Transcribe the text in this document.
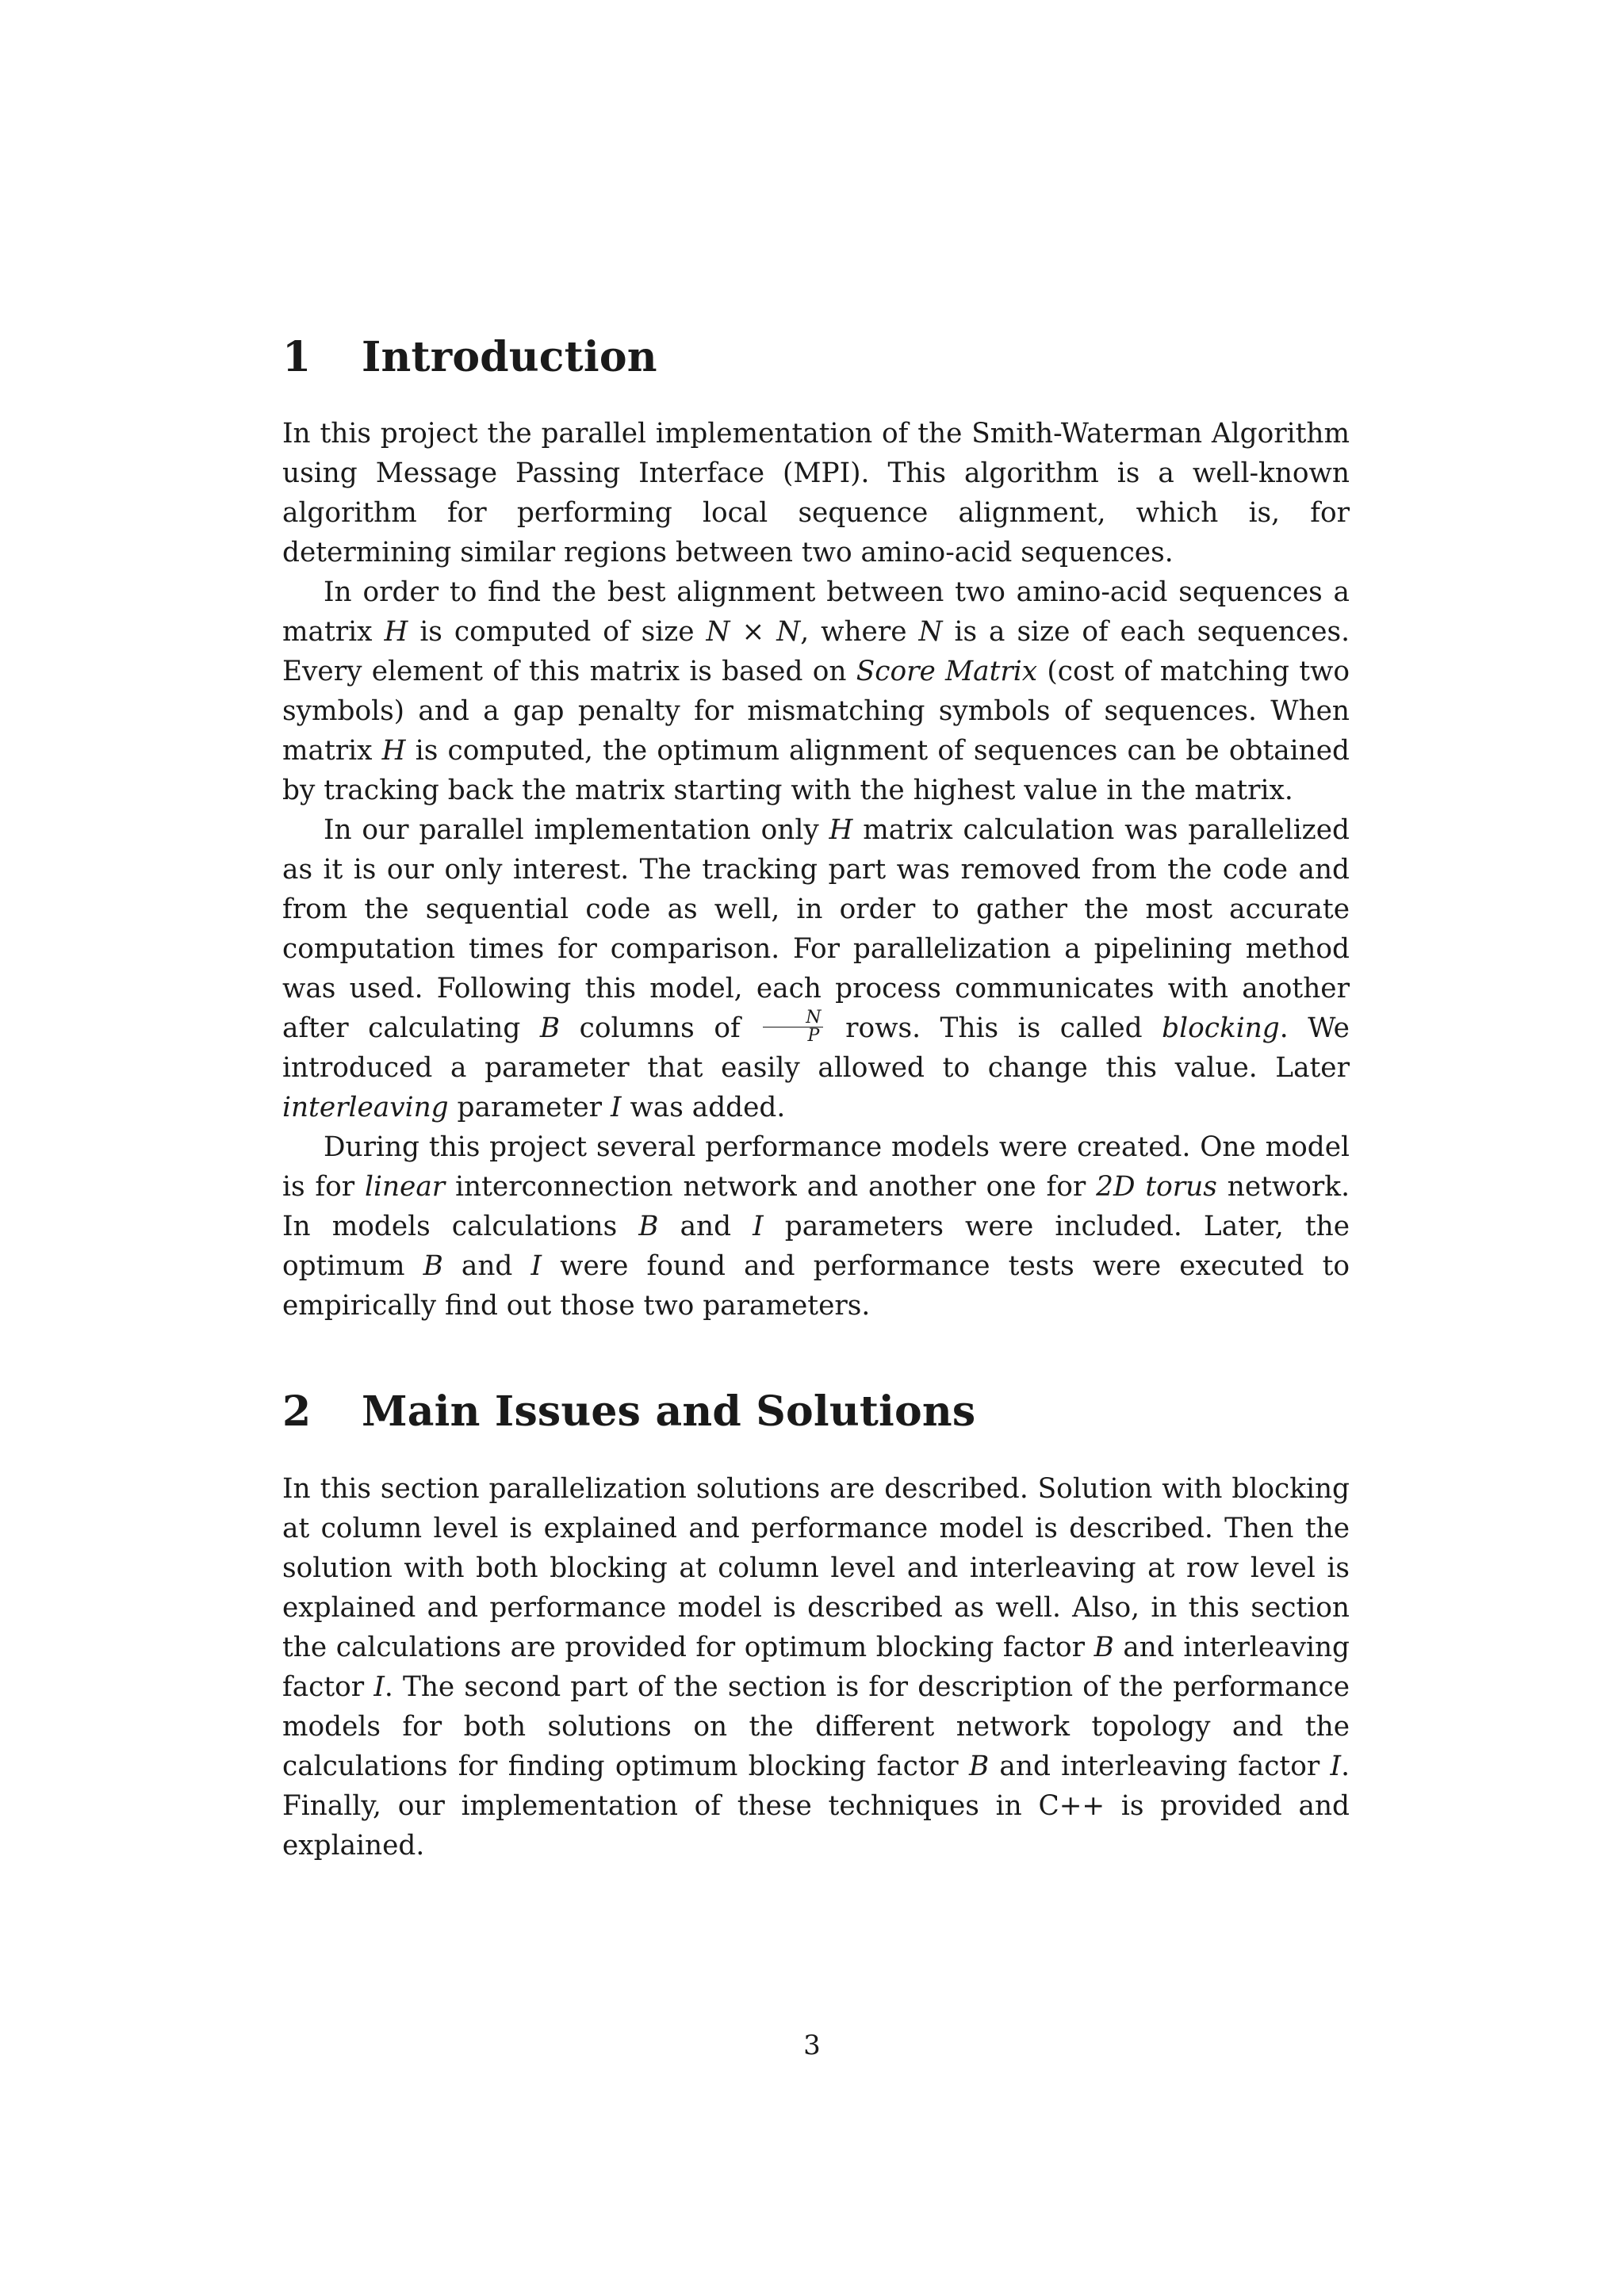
1 Introduction

In this project the parallel implementation of the Smith-Waterman Algorithm using Message Passing Interface (MPI). This algorithm is a well-known algorithm for performing local sequence alignment, which is, for determining similar regions between two amino-acid sequences.

In order to find the best alignment between two amino-acid sequences a matrix H is computed of size N × N, where N is a size of each sequences. Every element of this matrix is based on Score Matrix (cost of matching two symbols) and a gap penalty for mismatching symbols of sequences. When matrix H is computed, the optimum alignment of sequences can be obtained by tracking back the matrix starting with the highest value in the matrix.

In our parallel implementation only H matrix calculation was parallelized as it is our only interest. The tracking part was removed from the code and from the sequential code as well, in order to gather the most accurate computation times for comparison. For parallelization a pipelining method was used. Following this model, each process communicates with another after calculating B columns of $\frac{N}{P}$ rows. This is called blocking. We introduced a parameter that easily allowed to change this value. Later interleaving parameter I was added.

During this project several performance models were created. One model is for linear interconnection network and another one for 2D torus network. In models calculations B and I parameters were included. Later, the optimum B and I were found and performance tests were executed to empirically find out those two parameters.

2 Main Issues and Solutions

In this section parallelization solutions are described. Solution with blocking at column level is explained and performance model is described. Then the solution with both blocking at column level and interleaving at row level is explained and performance model is described as well. Also, in this section the calculations are provided for optimum blocking factor B and interleaving factor I. The second part of the section is for description of the performance models for both solutions on the different network topology and the calculations for finding optimum blocking factor B and interleaving factor I. Finally, our implementation of these techniques in C++ is provided and explained.

3
